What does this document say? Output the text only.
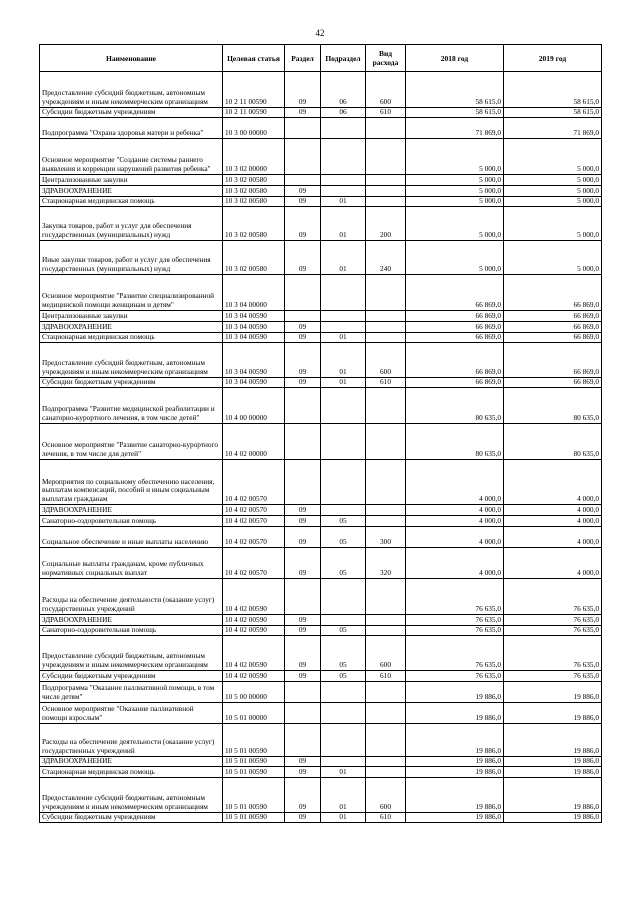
42
Наименование	Целевая статья	Раздел	Подраздел	Вид расхода	2018 год	2019 год
Предоставление субсидий бюджетным, автономным учреждениям и иным некоммерческим организациям	10 2 11 00590	09	06	600	58 615,0	58 615,0
Субсидии бюджетным учреждениям	10 2 11 00590	09	06	610	58 615,0	58 615,0
Подпрограмма "Охрана здоровья матери и ребенка"	10 3 00 00000				71 869,0	71 869,0
Основное мероприятие "Создание системы раннего выявления и коррекции нарушений развития ребенка"	10 3 02 00000				5 000,0	5 000,0
Централизованные закупки	10 3 02 00580				5 000,0	5 000,0
ЗДРАВООХРАНЕНИЕ	10 3 02 00580	09			5 000,0	5 000,0
Стационарная медицинская помощь	10 3 02 00580	09	01		5 000,0	5 000,0
Закупка товаров, работ и услуг для обеспечения государственных (муниципальных) нужд	10 3 02 00580	09	01	200	5 000,0	5 000,0
Иные закупки товаров, работ и услуг для обеспечения государственных (муниципальных) нужд	10 3 02 00580	09	01	240	5 000,0	5 000,0
Основное мероприятие "Развитие специализированной медицинской помощи женщинам и детям"	10 3 04 00000				66 869,0	66 869,0
Централизованные закупки	10 3 04 00590				66 869,0	66 869,0
ЗДРАВООХРАНЕНИЕ	10 3 04 00590	09			66 869,0	66 869,0
Стационарная медицинская помощь	10 3 04 00590	09	01		66 869,0	66 869,0
Предоставление субсидий бюджетным, автономным учреждениям и иным некоммерческим организациям	10 3 04 00590	09	01	600	66 869,0	66 869,0
Субсидии бюджетным учреждениям	10 3 04 00590	09	01	610	66 869,0	66 869,0
Подпрограмма "Развитие медицинской реабилитации и санаторно-курортного лечения, в том числе детей"	10 4 00 00000				80 635,0	80 635,0
Основное мероприятие "Развитие санаторно-курортного лечения, в том числе для детей"	10 4 02 00000				80 635,0	80 635,0
Мероприятия по социальному обеспечению населения, выплатам компенсаций, пособий и иным социальным выплатам гражданам	10 4 02 00570				4 000,0	4 000,0
ЗДРАВООХРАНЕНИЕ	10 4 02 00570	09			4 000,0	4 000,0
Санаторно-оздоровительная помощь	10 4 02 00570	09	05		4 000,0	4 000,0
Социальное обеспечение и иные выплаты населению	10 4 02 00570	09	05	300	4 000,0	4 000,0
Социальные выплаты гражданам, кроме публичных нормативных социальных выплат	10 4 02 00570	09	05	320	4 000,0	4 000,0
Расходы на обеспечение деятельности (оказание услуг) государственных учреждений	10 4 02 00590				76 635,0	76 635,0
ЗДРАВООХРАНЕНИЕ	10 4 02 00590	09			76 635,0	76 635,0
Санаторно-оздоровительная помощь	10 4 02 00590	09	05		76 635,0	76 635,0
Предоставление субсидий бюджетным, автономным учреждениям и иным некоммерческим организациям	10 4 02 00590	09	05	600	76 635,0	76 635,0
Субсидии бюджетным учреждениям	10 4 02 00590	09	05	610	76 635,0	76 635,0
Подпрограмма "Оказание паллиативной помощи, в том числе детям"	10 5 00 00000				19 886,0	19 886,0
Основное мероприятие "Оказание паллиативной помощи взрослым"	10 5 01 00000				19 886,0	19 886,0
Расходы на обеспечение деятельности (оказание услуг) государственных учреждений	10 5 01 00590				19 886,0	19 886,0
ЗДРАВООХРАНЕНИЕ	10 5 01 00590	09			19 886,0	19 886,0
Стационарная медицинская помощь	10 5 01 00590	09	01		19 886,0	19 886,0
Предоставление субсидий бюджетным, автономным учреждениям и иным некоммерческим организациям	10 5 01 00590	09	01	600	19 886,0	19 886,0
Субсидии бюджетным учреждениям	10 5 01 00590	09	01	610	19 886,0	19 886,0
